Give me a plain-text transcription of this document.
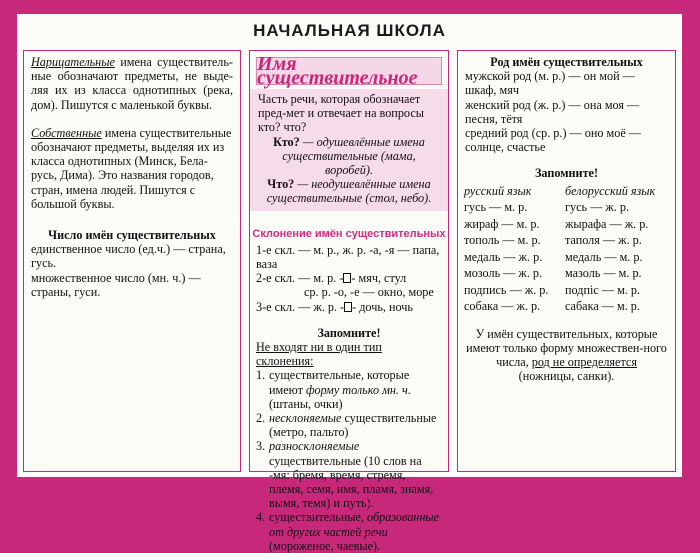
НАЧАЛЬНАЯ ШКОЛА

Нарицательные имена существитель-ные обозначают предметы, не выде-ляя их из класса однотипных (река, дом). Пишутся с маленькой буквы.

Собственные имена существительные обозначают предметы, выделяя их из класса однотипных (Минск, Бела-русь, Дима). Это названия городов, стран, имена людей. Пишутся с большой буквы.

Число имён существительных

единственное число (ед.ч.) — страна, гусь.

множественное число (мн. ч.) — страны, гуси.

Имя существительное

Часть речи, которая обозначает пред-мет и отвечает на вопросы кто? что?

Кто? — одушевлённые имена существительные (мама, воробей).

Что? — неодушевлённые имена существительные (стол, небо).

Склонение имён существительных

1-е скл. — м. р., ж. р. -а, -я — папа, ваза

2-е скл. — м. р. - - мяч, стул

ср. р. -о, -е — окно, море

3-е скл. — ж. р. - - дочь, ночь

Запомните!

Не входят ни в один тип склонения:

1. существительные, которые имеют форму только мн. ч. (штаны, очки)
2. несклоняемые существительные (метро, пальто)
3. разносклоняемые существительные (10 слов на -мя: бремя, время, стремя, племя, семя, имя, пламя, знамя, вымя, темя) и путь).
4. существительные, образованные от других частей речи (мороженое, чаевые).

Род имён существительных

мужской род (м. р.) — он мой — шкаф, мяч

женский род (ж. р.) — она моя — песня, тётя

средний род (ср. р.) — оно моё — солнце, счастье

Запомните!

русский язык	белорусский язык
гусь — м. р.	гусь — ж. р.
жираф — м. р.	жырафа — ж. р.
тополь — м. р.	таполя — ж. р.
медаль — ж. р.	медаль — м. р.
мозоль — ж. р.	мазоль — м. р.
подпись — ж. р.	подпіс — м. р.
собака — ж. р.	сабака — м. р.

У имён существительных, которые имеют только форму множествен-ного числа, род не определяется
(ножницы, санки).
